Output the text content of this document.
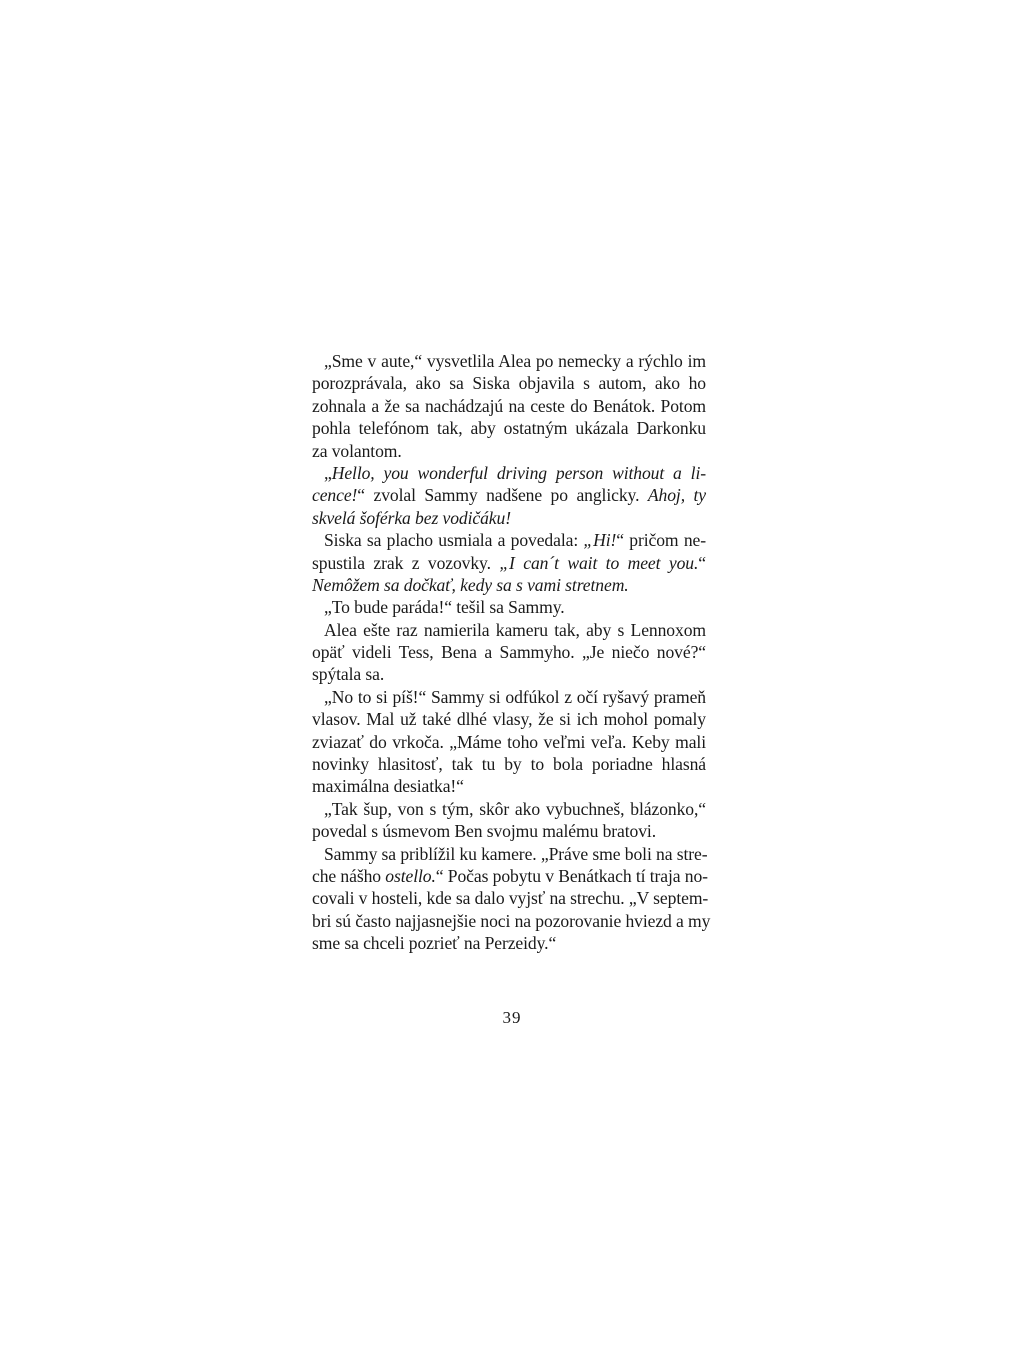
„Sme v aute,“ vysvetlila Alea po nemecky a rýchlo im
porozprávala, ako sa Siska objavila s autom, ako ho
zohnala a že sa nachádzajú na ceste do Benátok. Potom
pohla telefónom tak, aby ostatným ukázala Darkonku
za volantom.
„Hello, you wonderful driving person without a li-
cence!“ zvolal Sammy nadšene po anglicky. Ahoj, ty
skvelá šoférka bez vodičáku!
Siska sa placho usmiala a povedala: „Hi!“ pričom ne-
spustila zrak z vozovky. „I can´t wait to meet you.“
Nemôžem sa dočkať, kedy sa s vami stretnem.
„To bude paráda!“ tešil sa Sammy.
Alea ešte raz namierila kameru tak, aby s Lennoxom
opäť videli Tess, Bena a Sammyho. „Je niečo nové?“
spýtala sa.
„No to si píš!“ Sammy si odfúkol z očí ryšavý prameň
vlasov. Mal už také dlhé vlasy, že si ich mohol pomaly
zviazať do vrkoča. „Máme toho veľmi veľa. Keby mali
novinky hlasitosť, tak tu by to bola poriadne hlasná
maximálna desiatka!“
„Tak šup, von s tým, skôr ako vybuchneš, blázonko,“
povedal s úsmevom Ben svojmu malému bratovi.
Sammy sa priblížil ku kamere. „Práve sme boli na stre-
che nášho ostello.“ Počas pobytu v Benátkach tí traja no-
covali v hosteli, kde sa dalo vyjsť na strechu. „V septem-
bri sú často najjasnejšie noci na pozorovanie hviezd a my
sme sa chceli pozrieť na Perzeidy.“
39
